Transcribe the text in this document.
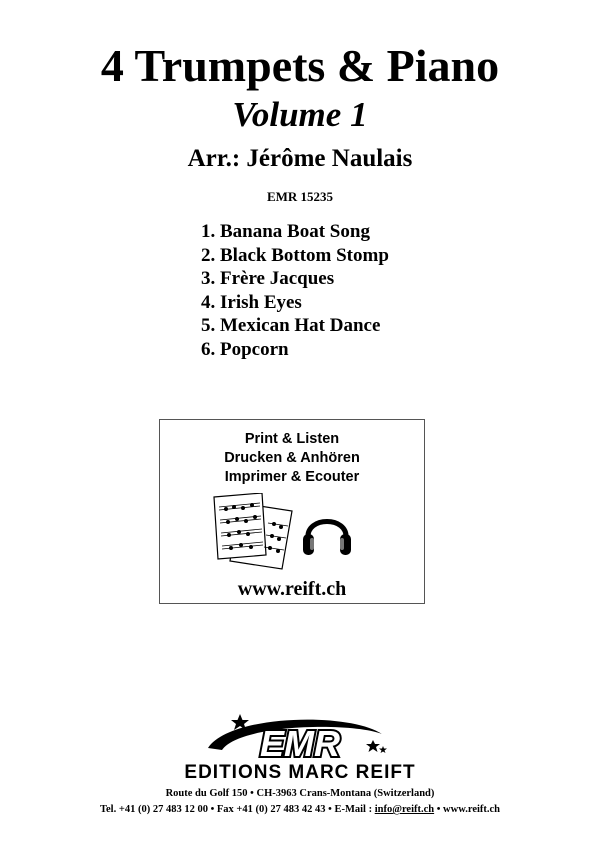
4 Trumpets & Piano
Volume 1
Arr.: Jérôme Naulais
EMR 15235
1. Banana Boat Song
2. Black Bottom Stomp
3. Frère Jacques
4. Irish Eyes
5. Mexican Hat Dance
6. Popcorn
Print & Listen
Drucken & Anhören
Imprimer & Ecouter
www.reift.ch
EMR
EDITIONS MARC REIFT
Route du Golf 150 • CH-3963 Crans-Montana (Switzerland)
Tel. +41 (0) 27 483 12 00 • Fax +41 (0) 27 483 42 43 • E-Mail : info@reift.ch • www.reift.ch
